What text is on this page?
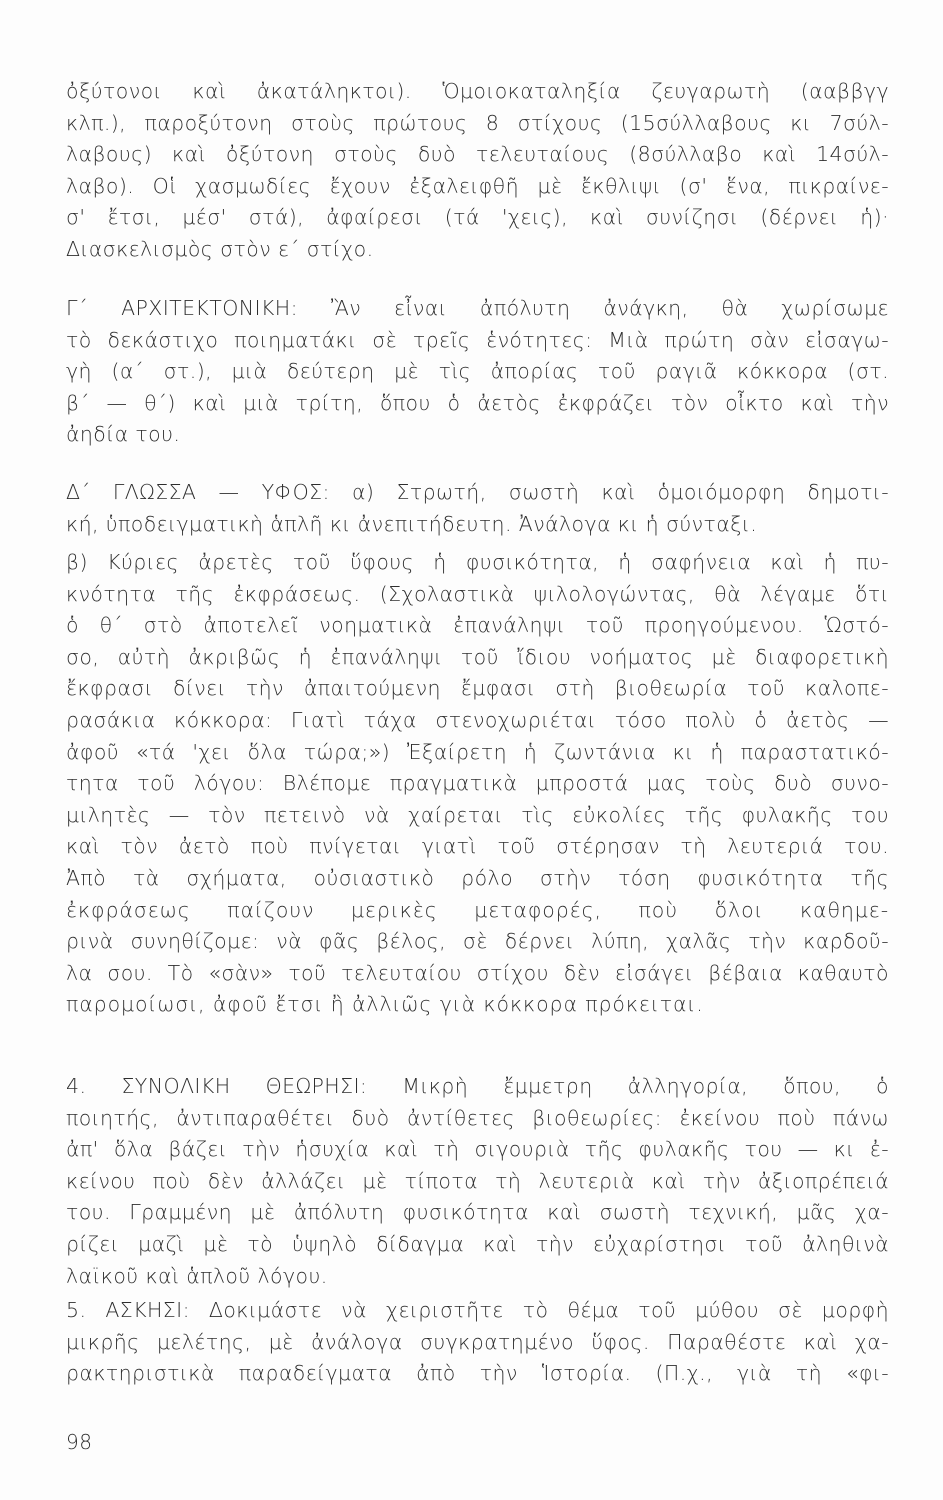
ὀξύτονοι καὶ ἀκατάληκτοι). Ὁμοιοκαταληξία ζευγαρωτὴ (ααββγγ
κλπ.), παροξύτονη στοὺς πρώτους 8 στίχους (15σύλλαβους κι 7σύλ-
λαβους) καὶ ὀξύτονη στοὺς δυὸ τελευταίους (8σύλλαβο καὶ 14σύλ-
λαβο). Οἱ χασμωδίες ἔχουν ἐξαλειφθῆ μὲ ἔκθλιψι (σ' ἕνα, πικραίνε-
σ' ἔτσι, μέσ' στά), ἀφαίρεσι (τά 'χεις), καὶ συνίζησι (δέρνει ἡ)·
Διασκελισμὸς στὸν ε΄ στίχο.
Γ΄ ΑΡΧΙΤΕΚΤΟΝΙΚΗ: Ἂν εἶναι ἀπόλυτη ἀνάγκη, θὰ χωρίσωμε
τὸ δεκάστιχο ποιηματάκι σὲ τρεῖς ἑνότητες: Μιὰ πρώτη σὰν εἰσαγω-
γὴ (α΄ στ.), μιὰ δεύτερη μὲ τὶς ἀπορίας τοῦ ραγιᾶ κόκκορα (στ.
β΄ — θ΄) καὶ μιὰ τρίτη, ὅπου ὁ ἀετὸς ἐκφράζει τὸν οἶκτο καὶ τὴν
ἀηδία του.
Δ΄ ΓΛΩΣΣΑ — ΥΦΟΣ: α) Στρωτή, σωστὴ καὶ ὁμοιόμορφη δημοτι-
κή, ὑποδειγματικὴ ἁπλῆ κι ἀνεπιτήδευτη. Ἀνάλογα κι ἡ σύνταξι.
β) Κύριες ἀρετὲς τοῦ ὕφους ἡ φυσικότητα, ἡ σαφήνεια καὶ ἡ πυ-
κνότητα τῆς ἐκφράσεως. (Σχολαστικὰ ψιλολογώντας, θὰ λέγαμε ὅτι
ὁ θ΄ στὸ ἀποτελεῖ νοηματικὰ ἐπανάληψι τοῦ προηγούμενου. Ὡστό-
σο, αὐτὴ ἀκριβῶς ἡ ἐπανάληψι τοῦ ἴδιου νοήματος μὲ διαφορετικὴ
ἔκφρασι δίνει τὴν ἀπαιτούμενη ἔμφασι στὴ βιοθεωρία τοῦ καλοπε-
ρασάκια κόκκορα: Γιατὶ τάχα στενοχωριέται τόσο πολὺ ὁ ἀετὸς —
ἀφοῦ «τά 'χει ὅλα τώρα;») Ἐξαίρετη ἡ ζωντάνια κι ἡ παραστατικό-
τητα τοῦ λόγου: Βλέπομε πραγματικὰ μπροστά μας τοὺς δυὸ συνο-
μιλητὲς — τὸν πετεινὸ νὰ χαίρεται τὶς εὐκολίες τῆς φυλακῆς του
καὶ τὸν ἀετὸ ποὺ πνίγεται γιατὶ τοῦ στέρησαν τὴ λευτεριά του.
Ἀπὸ τὰ σχήματα, οὐσιαστικὸ ρόλο στὴν τόση φυσικότητα τῆς
ἐκφράσεως παίζουν μερικὲς μεταφορές, ποὺ ὅλοι καθημε-
ρινὰ συνηθίζομε: νὰ φᾶς βέλος, σὲ δέρνει λύπη, χαλᾶς τὴν καρδοῦ-
λα σου. Τὸ «σὰν» τοῦ τελευταίου στίχου δὲν εἰσάγει βέβαια καθαυτὸ
παρομοίωσι, ἀφοῦ ἔτσι ἢ ἀλλιῶς γιὰ κόκκορα πρόκειται.
4. ΣΥΝΟΛΙΚΗ ΘΕΩΡΗΣΙ: Μικρὴ ἔμμετρη ἀλληγορία, ὅπου, ὁ
ποιητής, ἀντιπαραθέτει δυὸ ἀντίθετες βιοθεωρίες: ἐκείνου ποὺ πάνω
ἀπ' ὅλα βάζει τὴν ἡσυχία καὶ τὴ σιγουριὰ τῆς φυλακῆς του — κι ἐ-
κείνου ποὺ δὲν ἀλλάζει μὲ τίποτα τὴ λευτεριὰ καὶ τὴν ἀξιοπρέπειά
του. Γραμμένη μὲ ἀπόλυτη φυσικότητα καὶ σωστὴ τεχνική, μᾶς χα-
ρίζει μαζὶ μὲ τὸ ὑψηλὸ δίδαγμα καὶ τὴν εὐχαρίστησι τοῦ ἀληθινὰ
λαϊκοῦ καὶ ἁπλοῦ λόγου.
5. ΑΣΚΗΣΙ: Δοκιμάστε νὰ χειριστῆτε τὸ θέμα τοῦ μύθου σὲ μορφὴ
μικρῆς μελέτης, μὲ ἀνάλογα συγκρατημένο ὕφος. Παραθέστε καὶ χα-
ρακτηριστικὰ παραδείγματα ἀπὸ τὴν Ἱστορία. (Π.χ., γιὰ τὴ «φι-
98
